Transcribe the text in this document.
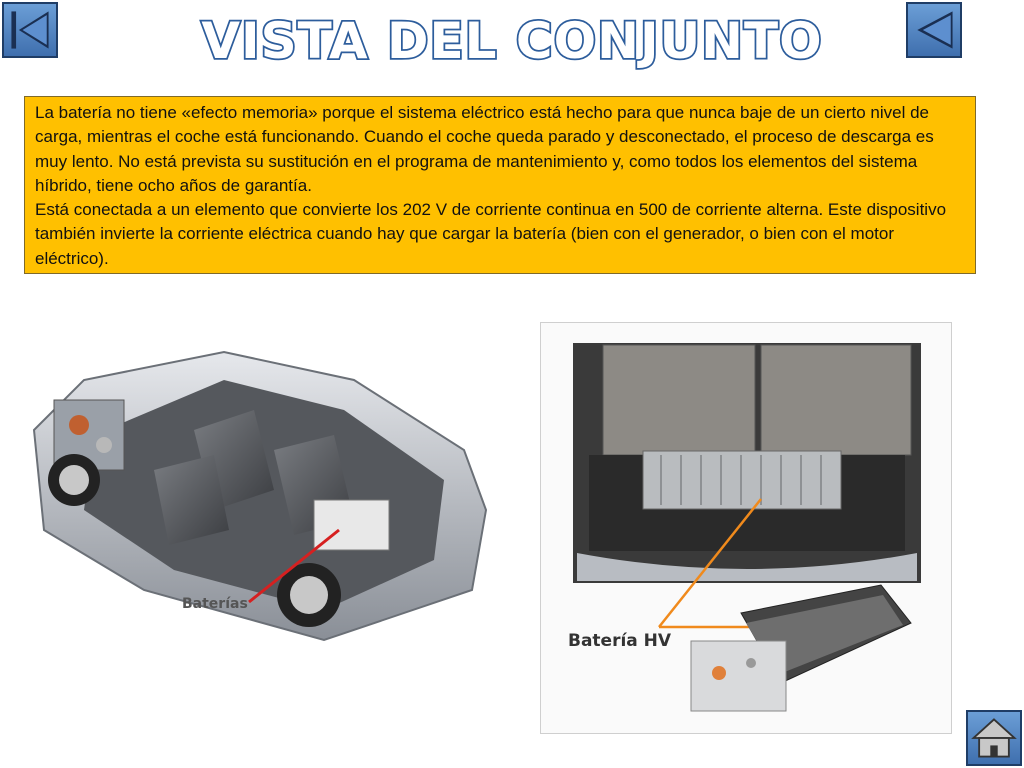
VISTA DEL CONJUNTO

La batería no tiene «efecto memoria» porque el sistema eléctrico está hecho para que nunca baje de un cierto nivel de carga, mientras el coche está funcionando. Cuando el coche queda parado y desconectado, el proceso de descarga es muy lento. No está prevista su sustitución en el programa de mantenimiento y, como todos los elementos del sistema híbrido, tiene ocho años de garantía.

Está conectada a un elemento que convierte los 202 V de corriente continua en 500 de corriente alterna. Este dispositivo también invierte la corriente eléctrica cuando hay que cargar la batería (bien con el generador, o bien con el motor eléctrico).

Baterías
Batería HV
